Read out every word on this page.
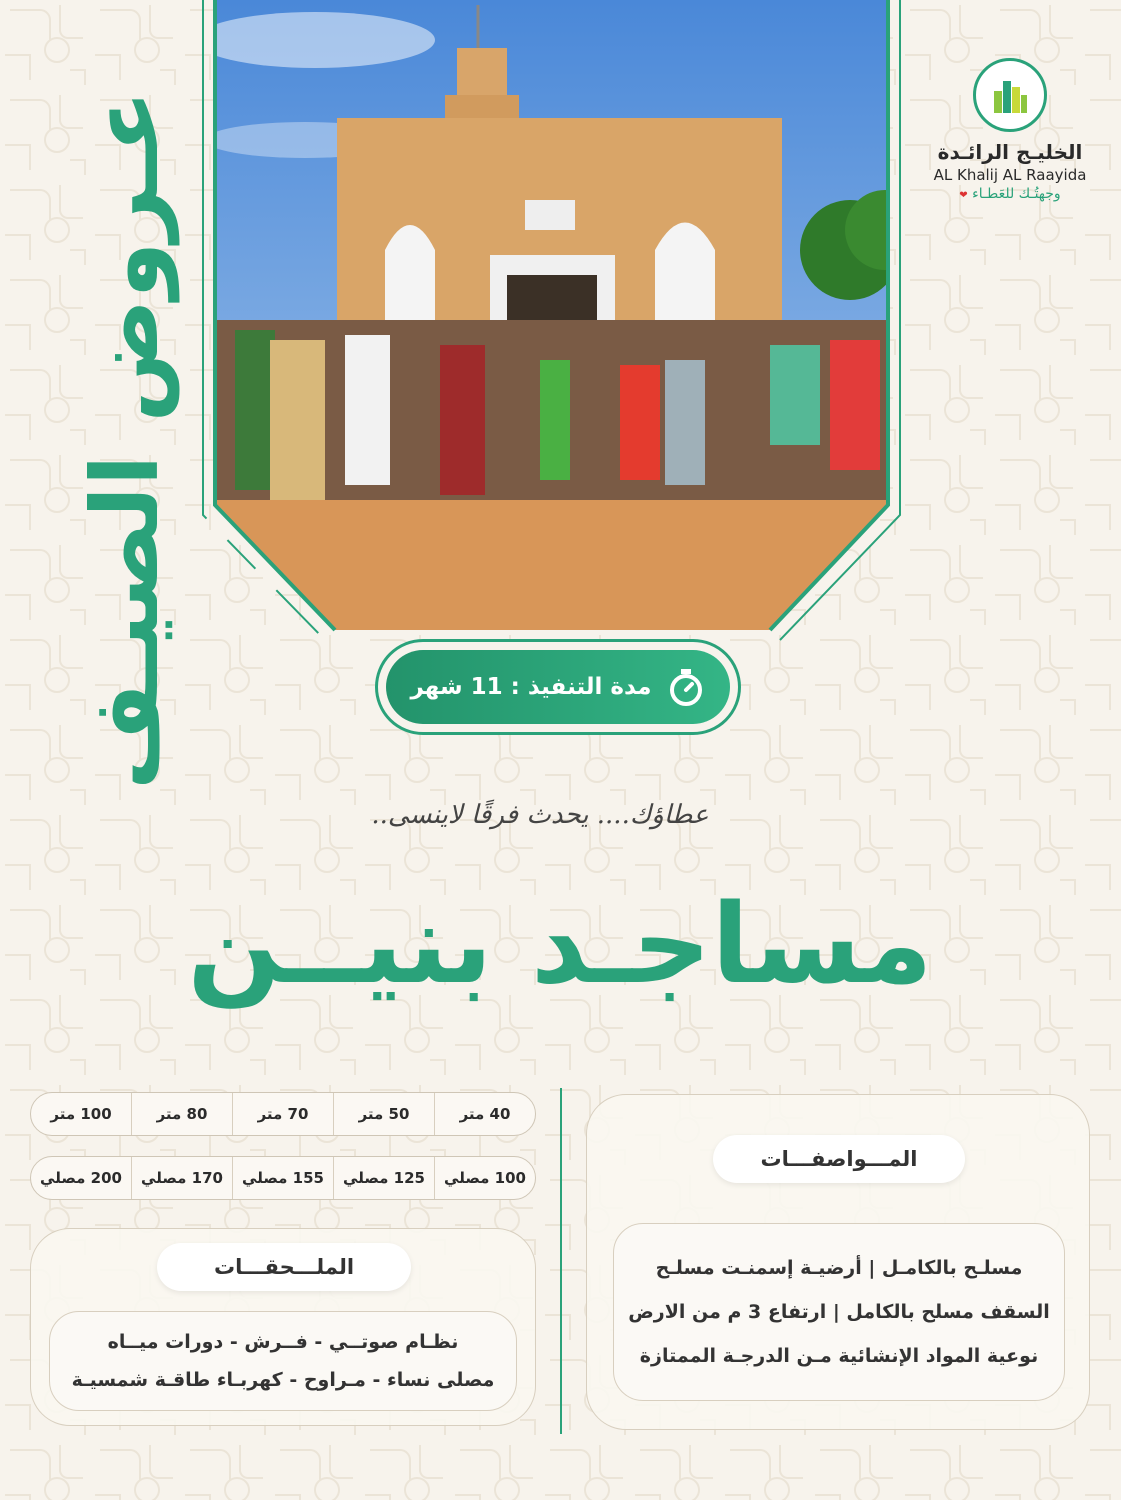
عـروض الصيـف	الخليـج الرائـدة
AL Khalij AL Raayida
وجهتُـك للعَطـاء ❤
مدة التنفيذ : 11 شهر
عطاؤك.... يحدث فرقًا لاينسى..
مساجـد بنيــن
40 متر
50 متر
70 متر
80 متر
100 متر
100 مصلي
125 مصلي
155 مصلي
170 مصلي
200 مصلي
الملـــحقـــات
نظـام صوتــي - فــرش - دورات ميــاه
مصلى نساء - مـراوح - كهربـاء طاقـة شمسيـة
المـــواصفـــات
مسلـح بالكامـل | أرضيـة إسمنـت مسلـح
السقف مسلح بالكامل | ارتفاع 3 م من الارض
نوعية المواد الإنشائية مـن الدرجـة الممتازة
